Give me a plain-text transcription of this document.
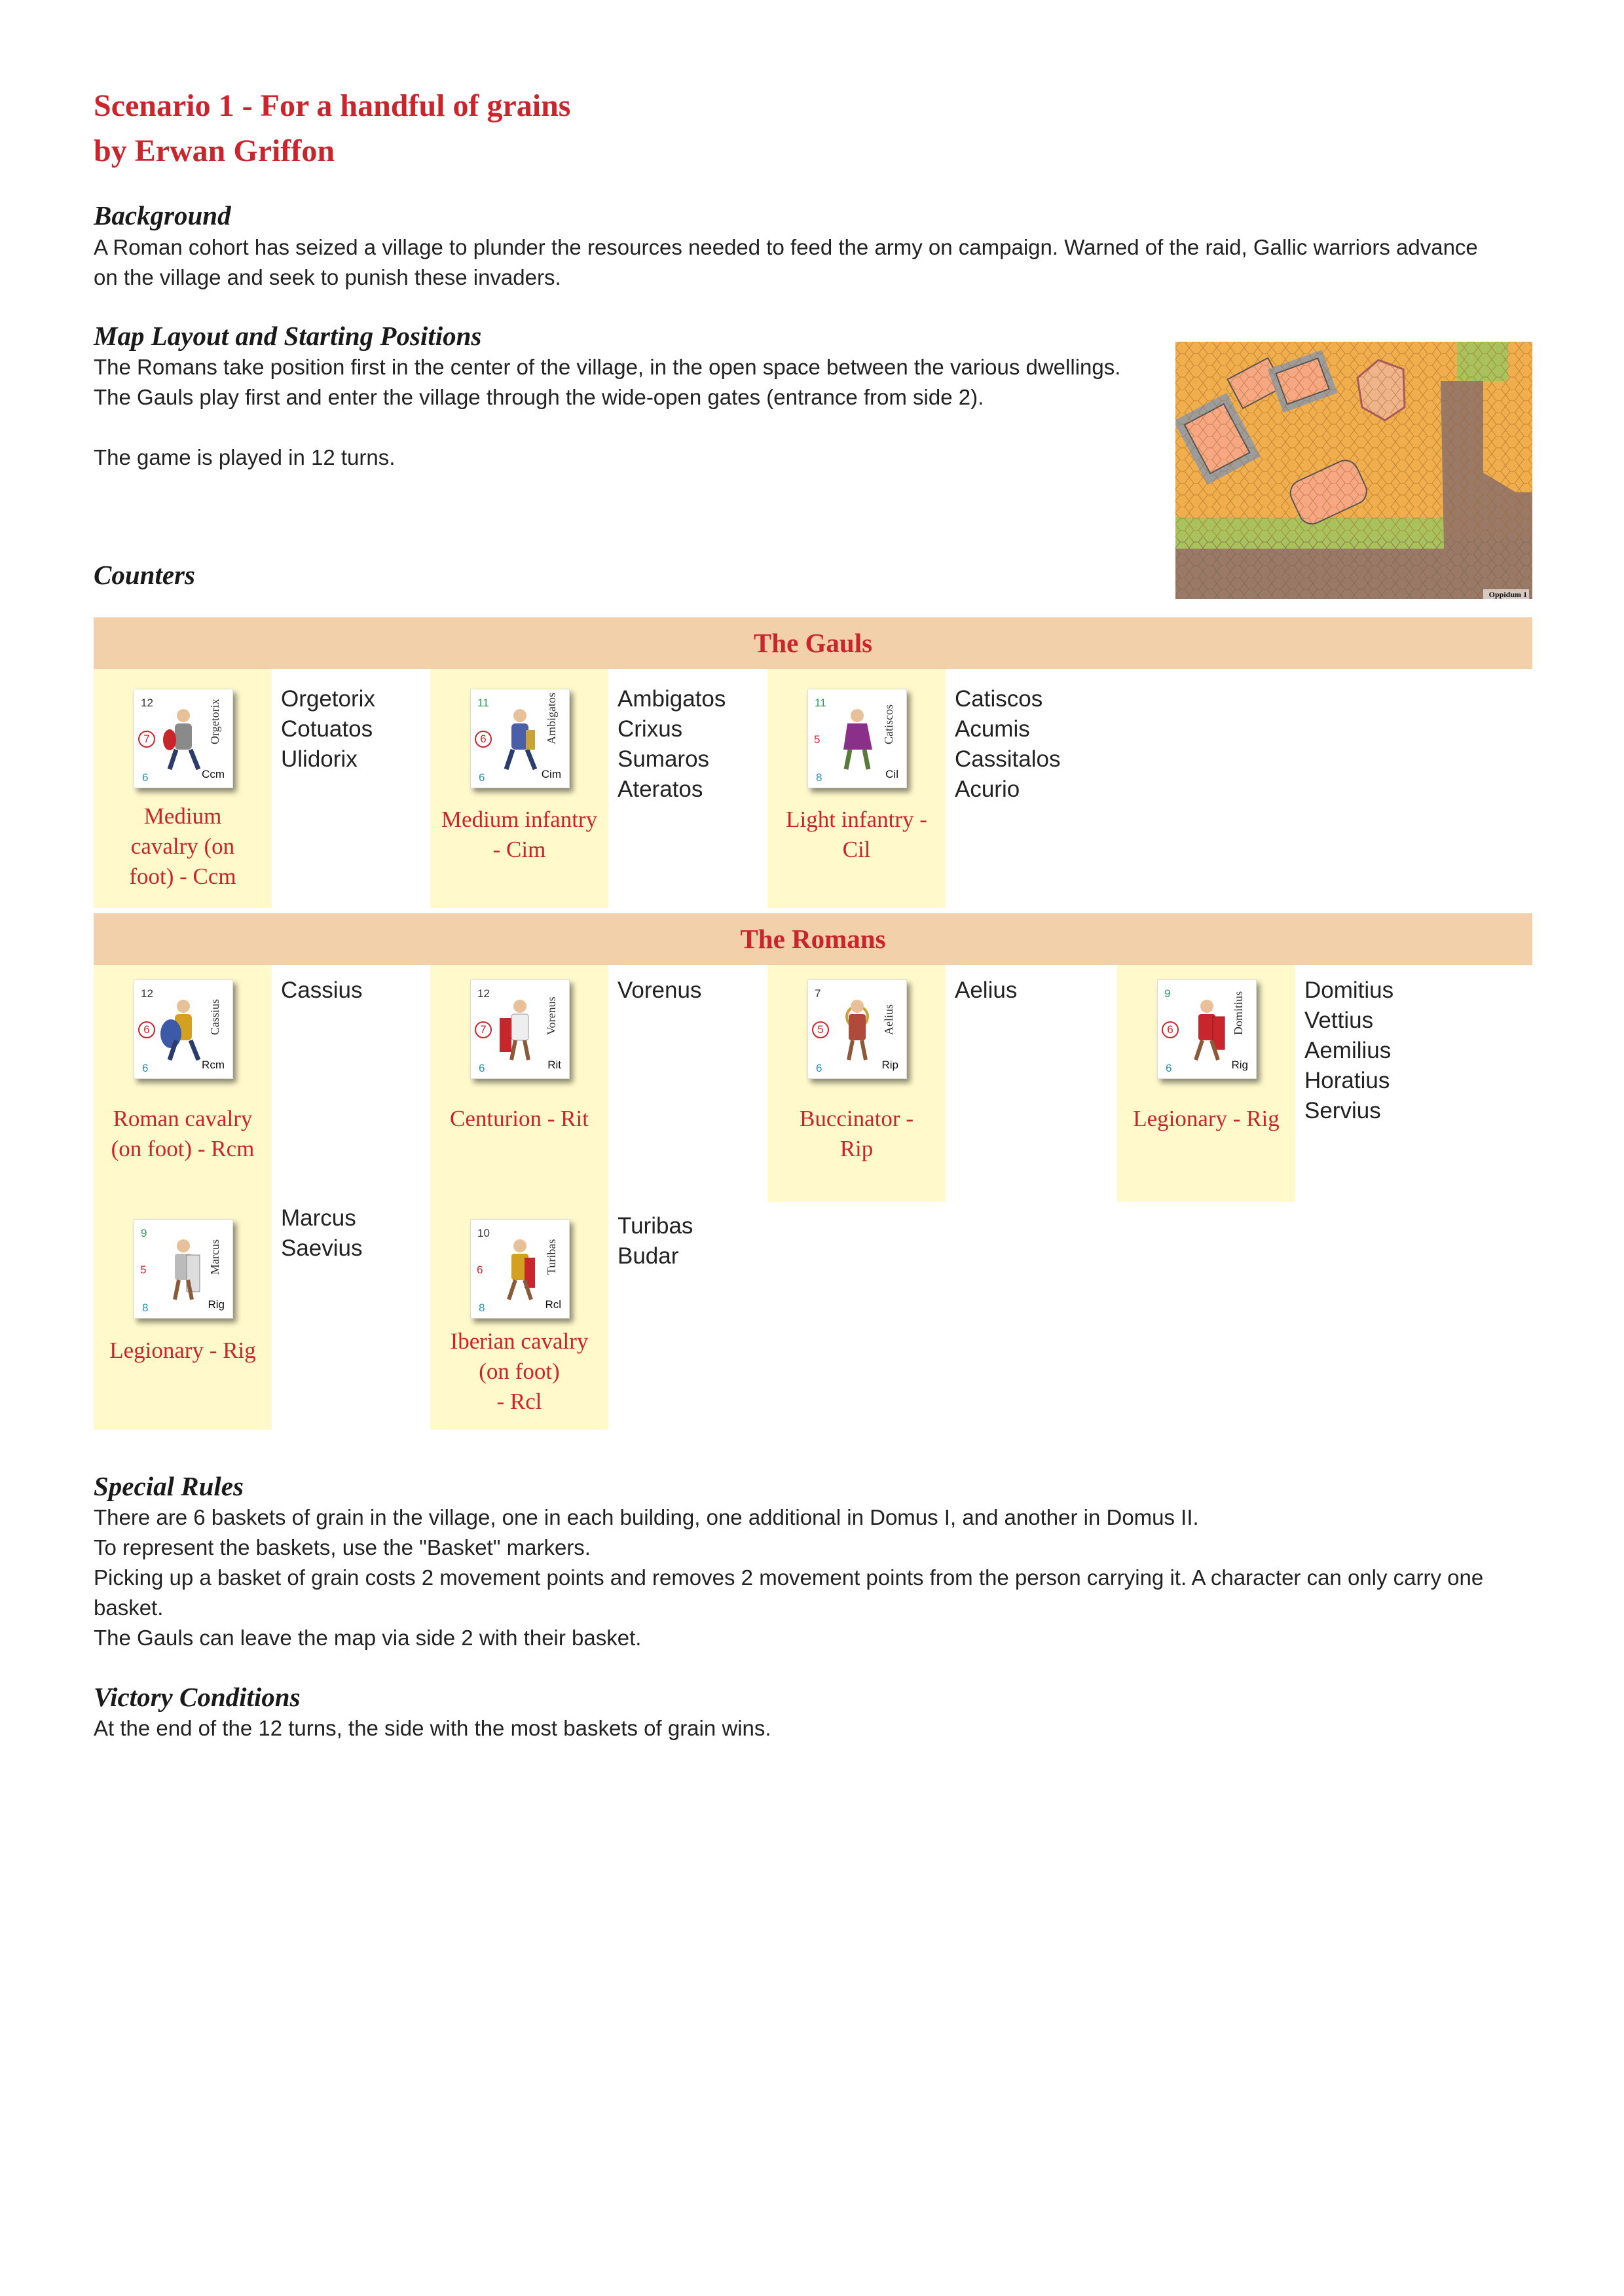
Scenario 1 - For a handful of grains
by Erwan Griffon
Background
A Roman cohort has seized a village to plunder the resources needed to feed the army on campaign. Warned of the raid, Gallic warriors advance
on the village and seek to punish these invaders.
Map Layout and Starting Positions
The Romans take position first in the center of the village, in the open space between the various dwellings.
The Gauls play first and enter the village through the wide-open gates (entrance from side 2).
The game is played in 12 turns.
Oppidum 1
Counters
The Gauls
12
7
6	Ccm
Orgetorix
Medium
cavalry (on
foot) - Ccm
Orgetorix
Cotuatos
Ulidorix
11
6
6	Cim
Ambigatos
Medium infantry
- Cim
Ambigatos
Crixus
Sumaros
Ateratos
11
5
8	Cil
Catiscos
Light infantry -
Cil
Catiscos
Acumis
Cassitalos
Acurio
The Romans
12
6
6	Rcm
Cassius
Roman cavalry
(on foot) - Rcm
Cassius	12
7
6	Rit
Vorenus
Centurion - Rit
Vorenus	7
5
6	Rip
Aelius
Buccinator -
Rip
Aelius	9
6
6	Rig
Domitius
Legionary - Rig
Domitius
Vettius
Aemilius
Horatius
Servius
9
5
8	Rig
Marcus
Legionary - Rig
Marcus
Saevius
10
6
8	Rcl
Turibas
Iberian cavalry
(on foot)
- Rcl
Turibas
Budar
Special Rules
There are 6 baskets of grain in the village, one in each building, one additional in Domus I, and another in Domus II.
To represent the baskets, use the "Basket" markers.
Picking up a basket of grain costs 2 movement points and removes 2 movement points from the person carrying it. A character can only carry one
basket.
The Gauls can leave the map via side 2 with their basket.
Victory Conditions
At the end of the 12 turns, the side with the most baskets of grain wins.
